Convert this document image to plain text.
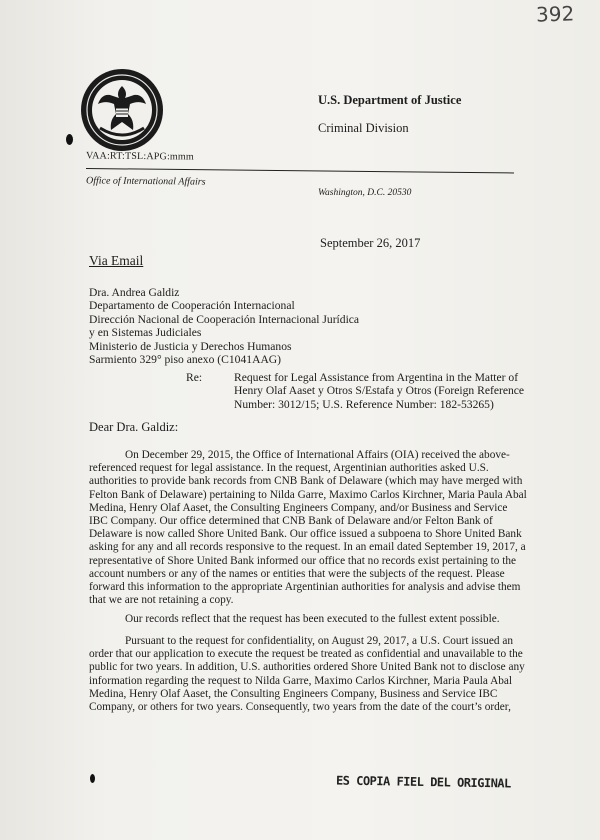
392
U.S. Department of Justice
Criminal Division
VAA:RT:TSL:APG:mmm
Office of International Affairs
Washington, D.C. 20530
September 26, 2017
Via Email
Dra. Andrea Galdiz
Departamento de Cooperación Internacional
Dirección Nacional de Cooperación Internacional Jurídica
y en Sistemas Judiciales
Ministerio de Justicia y Derechos Humanos
Sarmiento 329° piso anexo (C1041AAG)
Re:	Request for Legal Assistance from Argentina in the Matter of Henry Olaf Aaset y Otros S/Estafa y Otros (Foreign Reference Number: 3012/15; U.S. Reference Number: 182-53265)
Dear Dra. Galdiz:
On December 29, 2015, the Office of International Affairs (OIA) received the above-
referenced request for legal assistance. In the request, Argentinian authorities asked U.S.
authorities to provide bank records from CNB Bank of Delaware (which may have merged with
Felton Bank of Delaware) pertaining to Nilda Garre, Maximo Carlos Kirchner, Maria Paula Abal
Medina, Henry Olaf Aaset, the Consulting Engineers Company, and/or Business and Service
IBC Company. Our office determined that CNB Bank of Delaware and/or Felton Bank of
Delaware is now called Shore United Bank. Our office issued a subpoena to Shore United Bank
asking for any and all records responsive to the request. In an email dated September 19, 2017, a
representative of Shore United Bank informed our office that no records exist pertaining to the
account numbers or any of the names or entities that were the subjects of the request. Please
forward this information to the appropriate Argentinian authorities for analysis and advise them
that we are not retaining a copy.
Our records reflect that the request has been executed to the fullest extent possible.
Pursuant to the request for confidentiality, on August 29, 2017, a U.S. Court issued an
order that our application to execute the request be treated as confidential and unavailable to the
public for two years. In addition, U.S. authorities ordered Shore United Bank not to disclose any
information regarding the request to Nilda Garre, Maximo Carlos Kirchner, Maria Paula Abal
Medina, Henry Olaf Aaset, the Consulting Engineers Company, Business and Service IBC
Company, or others for two years. Consequently, two years from the date of the court’s order,
ES COPIA FIEL DEL ORIGINAL
